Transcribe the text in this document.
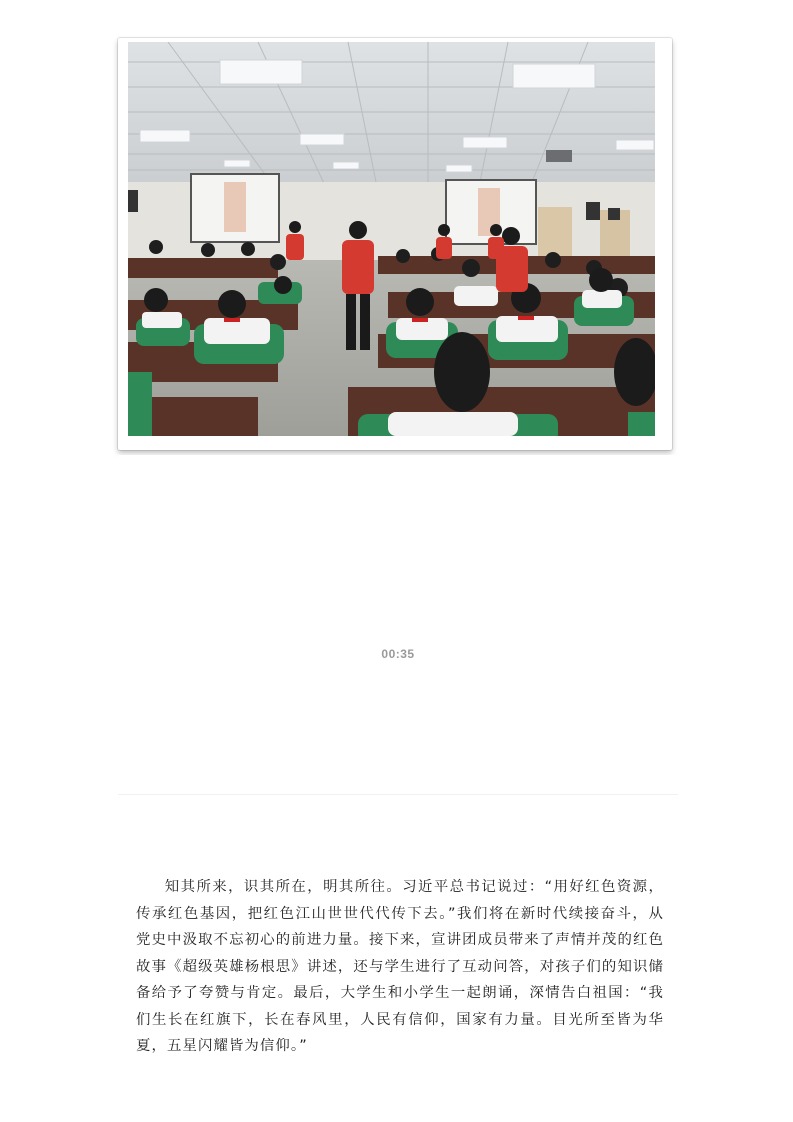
00:35

知其所来，识其所在，明其所往。习近平总书记说过：“用好红色资源，传承红色基因，把红色江山世世代代传下去。”我们将在新时代续接奋斗，从党史中汲取不忘初心的前进力量。接下来，宣讲团成员带来了声情并茂的红色故事《超级英雄杨根思》讲述，还与学生进行了互动问答，对孩子们的知识储备给予了夸赞与肯定。最后，大学生和小学生一起朗诵，深情告白祖国：“我们生长在红旗下，长在春风里，人民有信仰，国家有力量。目光所至皆为华夏，五星闪耀皆为信仰。”
